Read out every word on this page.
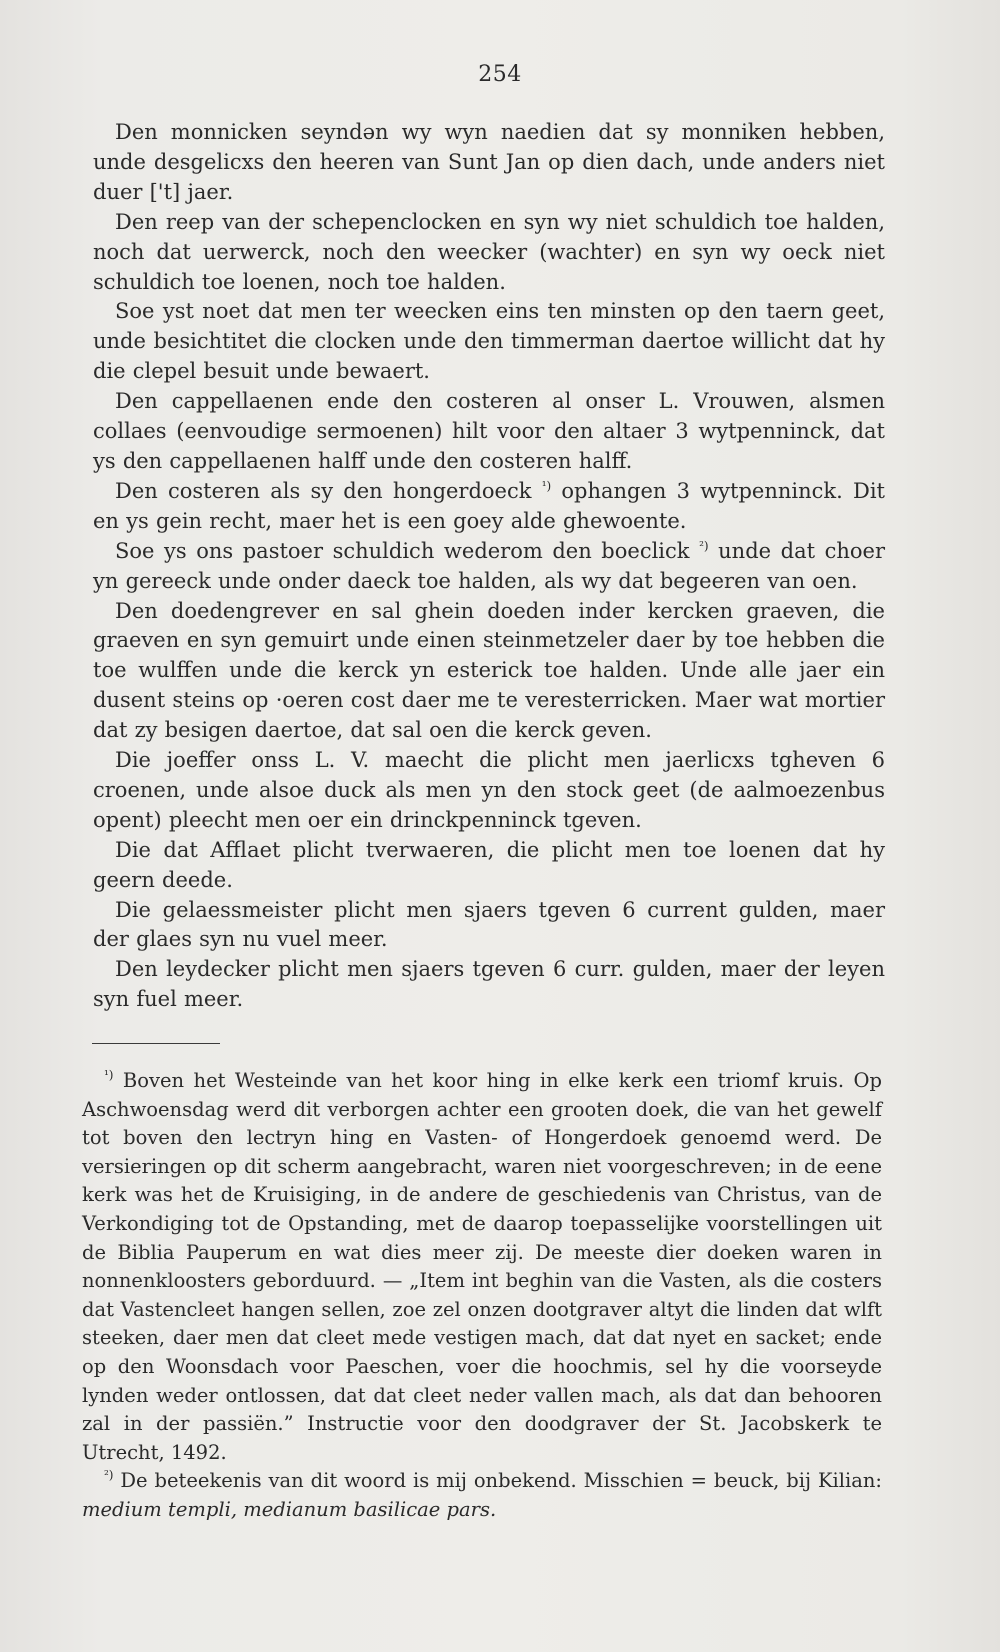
254

Den monnicken seyndən wy wyn naedien dat sy monniken hebben, unde desgelicxs den heeren van Sunt Jan op dien dach, unde anders niet duer ['t] jaer.

Den reep van der schepenclocken en syn wy niet schuldich toe halden, noch dat uerwerck, noch den weecker (wachter) en syn wy oeck niet schuldich toe loenen, noch toe halden.

Soe yst noet dat men ter weecken eins ten minsten op den taern geet, unde besichtitet die clocken unde den timmerman daertoe willicht dat hy die clepel besuit unde bewaert.

Den cappellaenen ende den costeren al onser L. Vrouwen, alsmen collaes (eenvoudige sermoenen) hilt voor den altaer 3 wytpenninck, dat ys den cappellaenen halff unde den costeren halff.

Den costeren als sy den hongerdoeck $^{^1)}$ ophangen 3 wytpenninck. Dit en ys gein recht, maer het is een goey alde ghewoente.

Soe ys ons pastoer schuldich wederom den boeclick $^{^2)}$ unde dat choer yn gereeck unde onder daeck toe halden, als wy dat begeeren van oen.

Den doedengrever en sal ghein doeden inder kercken graeven, die graeven en syn gemuirt unde einen steinmetzeler daer by toe hebben die toe wulffen unde die kerck yn esterick toe halden. Unde alle jaer ein dusent steins op ·oeren cost daer me te veresterricken. Maer wat mortier dat zy besigen daertoe, dat sal oen die kerck geven.

Die joeffer onss L. V. maecht die plicht men jaerlicxs tgheven 6 croenen, unde alsoe duck als men yn den stock geet (de aalmoezenbus opent) pleecht men oer ein drinckpenninck tgeven.

Die dat Afflaet plicht tverwaeren, die plicht men toe loenen dat hy geern deede.

Die gelaessmeister plicht men sjaers tgeven 6 current gulden, maer der glaes syn nu vuel meer.

Den leydecker plicht men sjaers tgeven 6 curr. gulden, maer der leyen syn fuel meer.

$^{^1)}$ Boven het Westeinde van het koor hing in elke kerk een triomf kruis. Op Aschwoensdag werd dit verborgen achter een grooten doek, die van het gewelf tot boven den lectryn hing en Vasten- of Hongerdoek genoemd werd. De versieringen op dit scherm aangebracht, waren niet voorgeschreven; in de eene kerk was het de Kruisiging, in de andere de geschiedenis van Christus, van de Verkondiging tot de Opstanding, met de daarop toepasselijke voorstellingen uit de Biblia Pauperum en wat dies meer zij. De meeste dier doeken waren in nonnenkloosters geborduurd. — „Item int beghin van die Vasten, als die costers dat Vastencleet hangen sellen, zoe zel onzen dootgraver altyt die linden dat wlft steeken, daer men dat cleet mede vestigen mach, dat dat nyet en sacket; ende op den Woonsdach voor Paeschen, voer die hoochmis, sel hy die voorseyde lynden weder ontlossen, dat dat cleet neder vallen mach, als dat dan behooren zal in der passiën.” Instructie voor den doodgraver der St. Jacobskerk te Utrecht, 1492.

$^{^2)}$ De beteekenis van dit woord is mij onbekend. Misschien = beuck, bij Kilian: medium templi, medianum basilicae pars.
